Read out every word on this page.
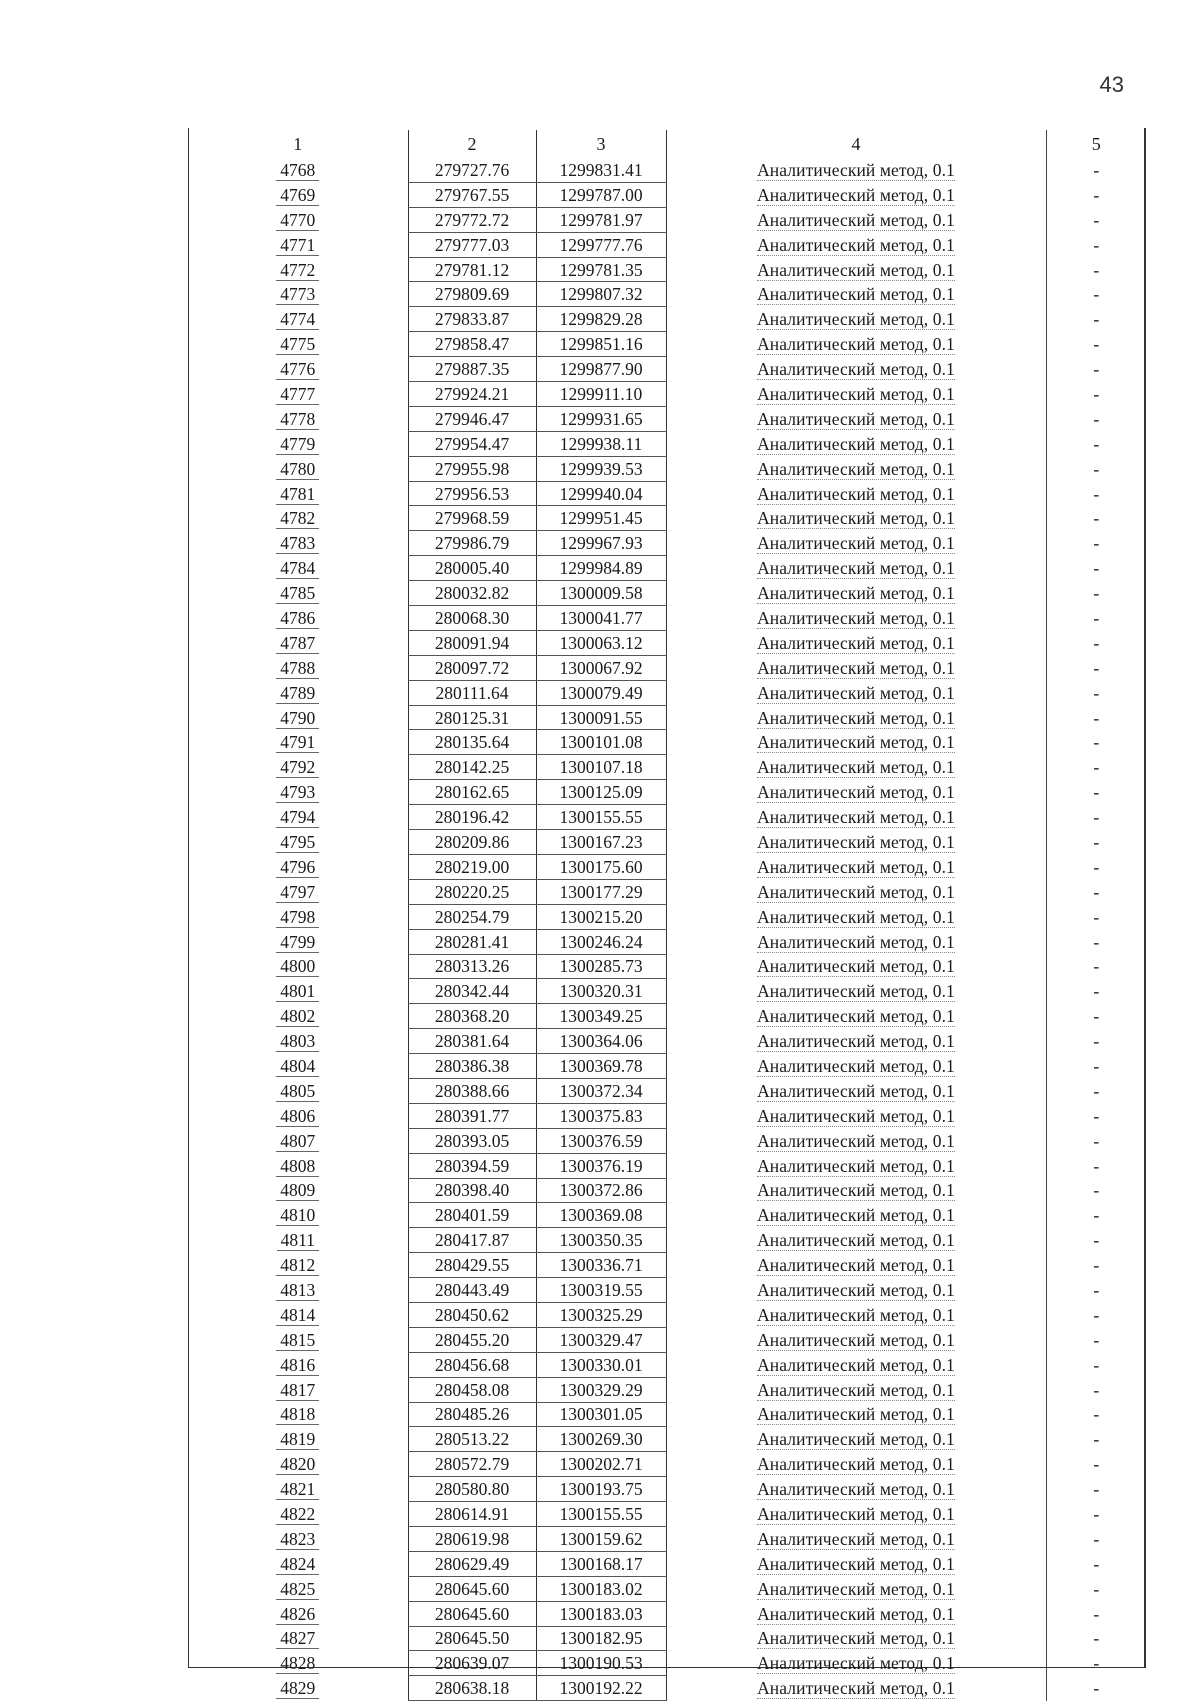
43
1	2	3	4	5
4768	279727.76	1299831.41	Аналитический метод, 0.1	-
4769	279767.55	1299787.00	Аналитический метод, 0.1	-
4770	279772.72	1299781.97	Аналитический метод, 0.1	-
4771	279777.03	1299777.76	Аналитический метод, 0.1	-
4772	279781.12	1299781.35	Аналитический метод, 0.1	-
4773	279809.69	1299807.32	Аналитический метод, 0.1	-
4774	279833.87	1299829.28	Аналитический метод, 0.1	-
4775	279858.47	1299851.16	Аналитический метод, 0.1	-
4776	279887.35	1299877.90	Аналитический метод, 0.1	-
4777	279924.21	1299911.10	Аналитический метод, 0.1	-
4778	279946.47	1299931.65	Аналитический метод, 0.1	-
4779	279954.47	1299938.11	Аналитический метод, 0.1	-
4780	279955.98	1299939.53	Аналитический метод, 0.1	-
4781	279956.53	1299940.04	Аналитический метод, 0.1	-
4782	279968.59	1299951.45	Аналитический метод, 0.1	-
4783	279986.79	1299967.93	Аналитический метод, 0.1	-
4784	280005.40	1299984.89	Аналитический метод, 0.1	-
4785	280032.82	1300009.58	Аналитический метод, 0.1	-
4786	280068.30	1300041.77	Аналитический метод, 0.1	-
4787	280091.94	1300063.12	Аналитический метод, 0.1	-
4788	280097.72	1300067.92	Аналитический метод, 0.1	-
4789	280111.64	1300079.49	Аналитический метод, 0.1	-
4790	280125.31	1300091.55	Аналитический метод, 0.1	-
4791	280135.64	1300101.08	Аналитический метод, 0.1	-
4792	280142.25	1300107.18	Аналитический метод, 0.1	-
4793	280162.65	1300125.09	Аналитический метод, 0.1	-
4794	280196.42	1300155.55	Аналитический метод, 0.1	-
4795	280209.86	1300167.23	Аналитический метод, 0.1	-
4796	280219.00	1300175.60	Аналитический метод, 0.1	-
4797	280220.25	1300177.29	Аналитический метод, 0.1	-
4798	280254.79	1300215.20	Аналитический метод, 0.1	-
4799	280281.41	1300246.24	Аналитический метод, 0.1	-
4800	280313.26	1300285.73	Аналитический метод, 0.1	-
4801	280342.44	1300320.31	Аналитический метод, 0.1	-
4802	280368.20	1300349.25	Аналитический метод, 0.1	-
4803	280381.64	1300364.06	Аналитический метод, 0.1	-
4804	280386.38	1300369.78	Аналитический метод, 0.1	-
4805	280388.66	1300372.34	Аналитический метод, 0.1	-
4806	280391.77	1300375.83	Аналитический метод, 0.1	-
4807	280393.05	1300376.59	Аналитический метод, 0.1	-
4808	280394.59	1300376.19	Аналитический метод, 0.1	-
4809	280398.40	1300372.86	Аналитический метод, 0.1	-
4810	280401.59	1300369.08	Аналитический метод, 0.1	-
4811	280417.87	1300350.35	Аналитический метод, 0.1	-
4812	280429.55	1300336.71	Аналитический метод, 0.1	-
4813	280443.49	1300319.55	Аналитический метод, 0.1	-
4814	280450.62	1300325.29	Аналитический метод, 0.1	-
4815	280455.20	1300329.47	Аналитический метод, 0.1	-
4816	280456.68	1300330.01	Аналитический метод, 0.1	-
4817	280458.08	1300329.29	Аналитический метод, 0.1	-
4818	280485.26	1300301.05	Аналитический метод, 0.1	-
4819	280513.22	1300269.30	Аналитический метод, 0.1	-
4820	280572.79	1300202.71	Аналитический метод, 0.1	-
4821	280580.80	1300193.75	Аналитический метод, 0.1	-
4822	280614.91	1300155.55	Аналитический метод, 0.1	-
4823	280619.98	1300159.62	Аналитический метод, 0.1	-
4824	280629.49	1300168.17	Аналитический метод, 0.1	-
4825	280645.60	1300183.02	Аналитический метод, 0.1	-
4826	280645.60	1300183.03	Аналитический метод, 0.1	-
4827	280645.50	1300182.95	Аналитический метод, 0.1	-
4828	280639.07	1300190.53	Аналитический метод, 0.1	-
4829	280638.18	1300192.22	Аналитический метод, 0.1	-
